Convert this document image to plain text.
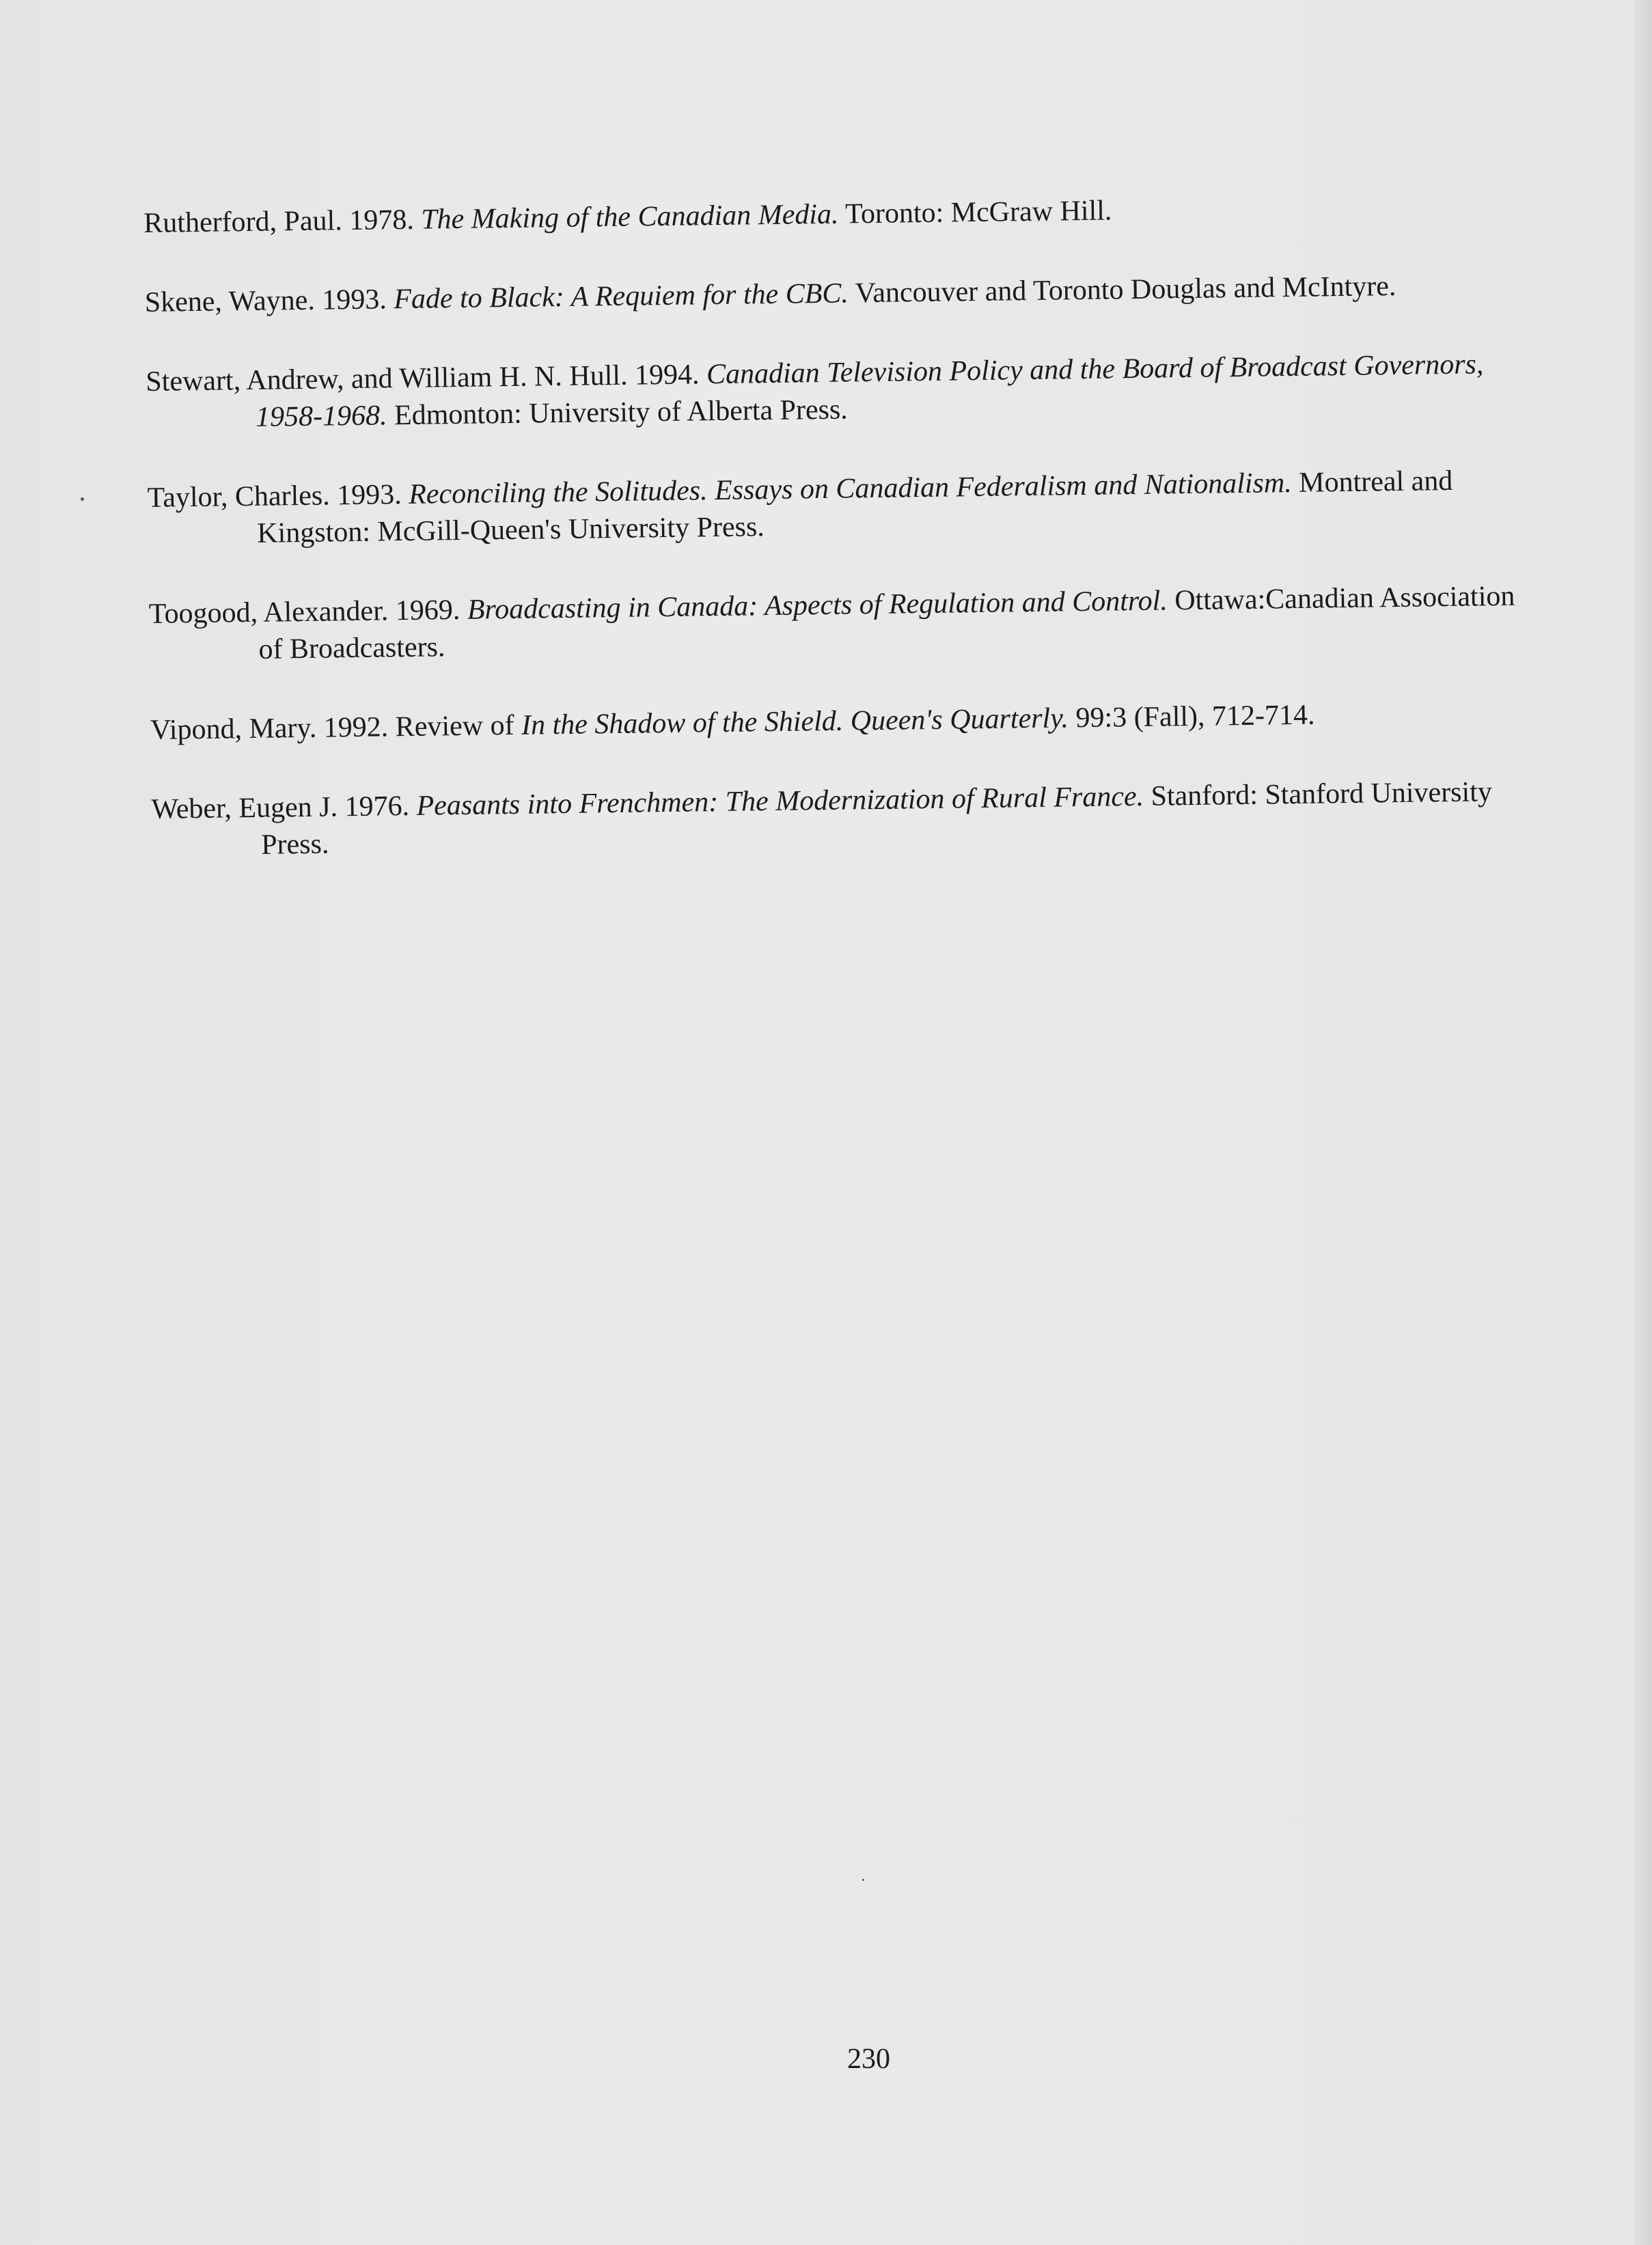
Rutherford, Paul. 1978. The Making of the Canadian Media. Toronto: McGraw Hill.

Skene, Wayne. 1993. Fade to Black: A Requiem for the CBC. Vancouver and Toronto Douglas and McIntyre.

Stewart, Andrew, and William H. N. Hull. 1994. Canadian Television Policy and the Board of Broadcast Governors, 1958-1968. Edmonton: University of Alberta Press.

Taylor, Charles. 1993. Reconciling the Solitudes. Essays on Canadian Federalism and Nationalism. Montreal and Kingston: McGill-Queen's University Press.

Toogood, Alexander. 1969. Broadcasting in Canada: Aspects of Regulation and Control. Ottawa:Canadian Association of Broadcasters.

Vipond, Mary. 1992. Review of In the Shadow of the Shield. Queen's Quarterly. 99:3 (Fall), 712-714.

Weber, Eugen J. 1976. Peasants into Frenchmen: The Modernization of Rural France. Stanford: Stanford University Press.

230
